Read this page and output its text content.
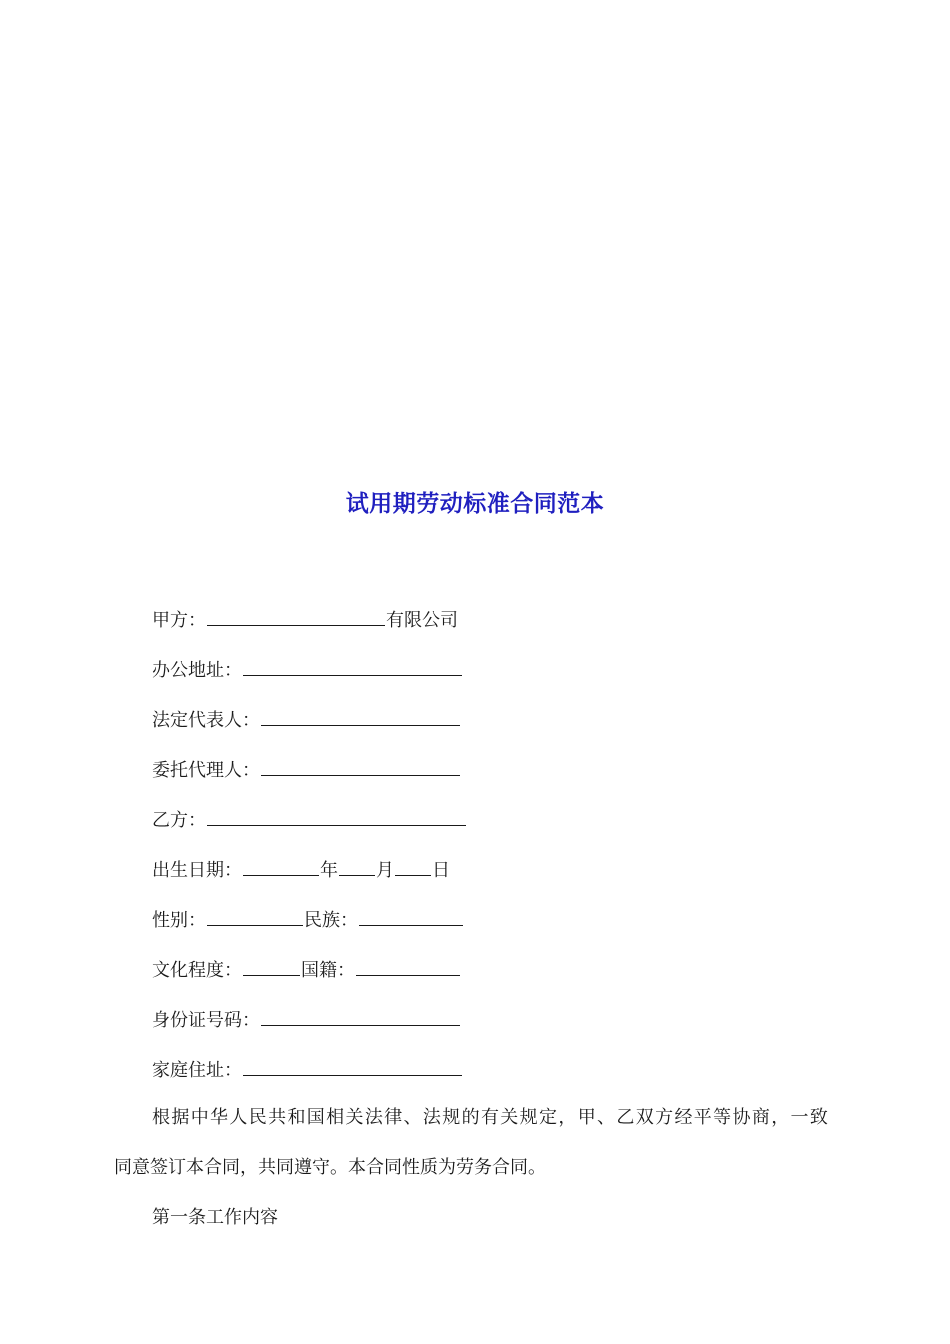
试用期劳动标准合同范本
甲方：	有限公司
办公地址：
法定代表人：
委托代理人：
乙方：
出生日期：	年 月 日
性别：	民族：
文化程度：	国籍：
身份证号码：
家庭住址：
根据中华人民共和国相关法律、法规的有关规定，甲、乙双方经平等协商，一致
同意签订本合同，共同遵守。本合同性质为劳务合同。
第一条工作内容
